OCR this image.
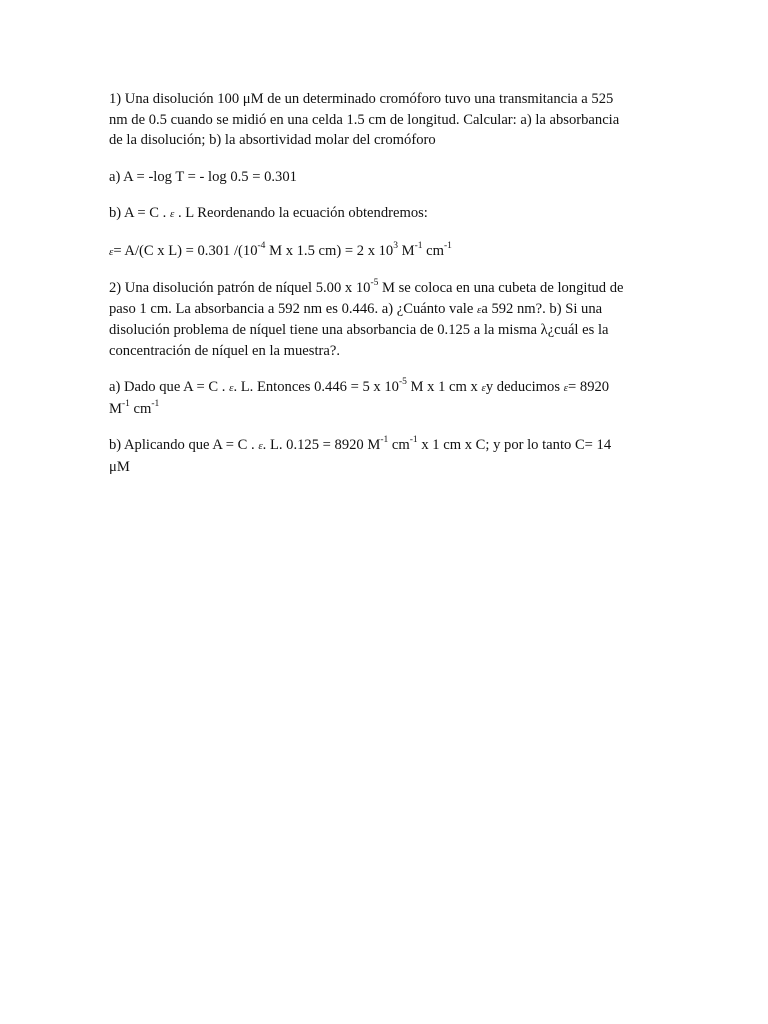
1) Una disolución 100 μM de un determinado cromóforo tuvo una transmitancia a 525
nm de 0.5 cuando se midió en una celda 1.5 cm de longitud. Calcular: a) la absorbancia
de la disolución; b) la absortividad molar del cromóforo

a) A = -log T = - log 0.5 = 0.301

b) A = C . ε . L Reordenando la ecuación obtendremos:

ε= A/(C x L) = 0.301 $/(10^{-4}$ M x 1.5 cm) = 2 x $10^3$ $M^{-1}$ $cm^{-1}$

2) Una disolución patrón de níquel 5.00 x $10^{-5}$ M se coloca en una cubeta de longitud de
paso 1 cm. La absorbancia a 592 nm es 0.446. a) ¿Cuánto vale εa 592 nm?. b) Si una
disolución problema de níquel tiene una absorbancia de 0.125 a la misma λ¿cuál es la
concentración de níquel en la muestra?.

a) Dado que A = C . ε. L. Entonces 0.446 = 5 x $10^{-5}$ M x 1 cm x εy deducimos ε= 8920
$M^{-1}$ $cm^{-1}$

b) Aplicando que A = C . ε. L. 0.125 = 8920 $M^{-1}$ $cm^{-1}$ x 1 cm x C; y por lo tanto C= 14
μM
